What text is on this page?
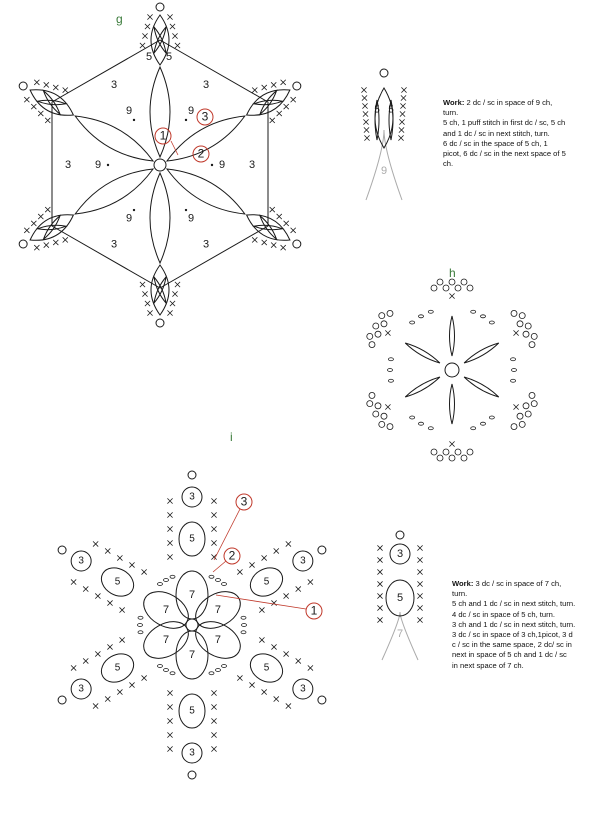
g
9
9
9
9
9
9
3
3
3
3
3
3
5 5
1
2
3
9
5 5
7
5
3
7
5
3
7
5
3
7
5
3
7
5
3
7
5
3
1
2
3
7
5
3
h
i

Work: 2 dc / sc in space of 9 ch,

turn.

5 ch, 1 puff stitch in first dc / sc, 5 ch

and 1 dc / sc in next stitch, turn.

6 dc / sc in the space of 5 ch, 1

picot, 6 dc / sc in the next space of 5

ch.

Work: 3 dc / sc in space of 7 ch,

turn.

5 ch and 1 dc / sc in next stitch, turn.

4 dc / sc in space of 5 ch, turn.

3 ch and 1 dc / sc in next stitch, turn.

3 dc / sc in space of 3 ch,1picot, 3 d

c / sc in the same space, 2 dc/ sc in

next in space of 5 ch and 1 dc / sc

in next space of 7 ch.
